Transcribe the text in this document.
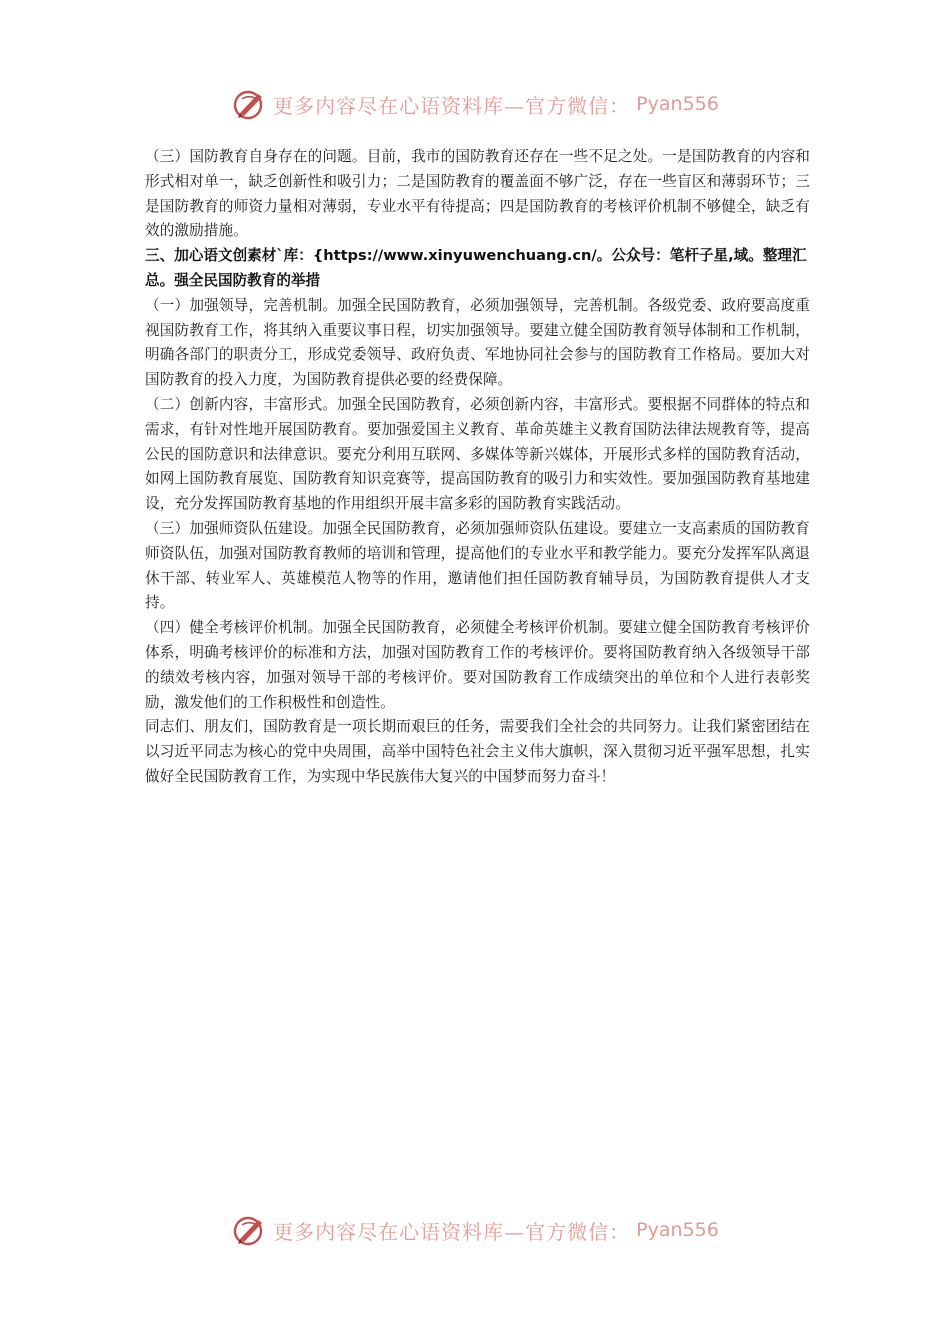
更多内容尽在心语资料库—官方微信： Pyan556

（三）国防教育自身存在的问题。目前，我市的国防教育还存在一些不足之处。一是国防教育的内容和形式相对单一，缺乏创新性和吸引力；二是国防教育的覆盖面不够广泛，存在一些盲区和薄弱环节；三是国防教育的师资力量相对薄弱，专业水平有待提高；四是国防教育的考核评价机制不够健全，缺乏有效的激励措施。

三、加心语文创素材`库：{https://www.xinyuwenchuang.cn/。公众号：笔杆子星,域。整理汇总。强全民国防教育的举措

（一）加强领导，完善机制。加强全民国防教育，必须加强领导，完善机制。各级党委、政府要高度重视国防教育工作，将其纳入重要议事日程，切实加强领导。要建立健全国防教育领导体制和工作机制，明确各部门的职责分工，形成党委领导、政府负责、军地协同社会参与的国防教育工作格局。要加大对国防教育的投入力度，为国防教育提供必要的经费保障。

（二）创新内容，丰富形式。加强全民国防教育，必须创新内容，丰富形式。要根据不同群体的特点和需求，有针对性地开展国防教育。要加强爱国主义教育、革命英雄主义教育国防法律法规教育等，提高公民的国防意识和法律意识。要充分利用互联网、多媒体等新兴媒体，开展形式多样的国防教育活动，如网上国防教育展览、国防教育知识竞赛等，提高国防教育的吸引力和实效性。要加强国防教育基地建设，充分发挥国防教育基地的作用组织开展丰富多彩的国防教育实践活动。

（三）加强师资队伍建设。加强全民国防教育，必须加强师资队伍建设。要建立一支高素质的国防教育师资队伍，加强对国防教育教师的培训和管理，提高他们的专业水平和教学能力。要充分发挥军队离退休干部、转业军人、英雄模范人物等的作用，邀请他们担任国防教育辅导员，为国防教育提供人才支持。

（四）健全考核评价机制。加强全民国防教育，必须健全考核评价机制。要建立健全国防教育考核评价体系，明确考核评价的标准和方法，加强对国防教育工作的考核评价。要将国防教育纳入各级领导干部的绩效考核内容，加强对领导干部的考核评价。要对国防教育工作成绩突出的单位和个人进行表彰奖励，激发他们的工作积极性和创造性。

同志们、朋友们，国防教育是一项长期而艰巨的任务，需要我们全社会的共同努力。让我们紧密团结在以习近平同志为核心的党中央周围，高举中国特色社会主义伟大旗帜，深入贯彻习近平强军思想，扎实做好全民国防教育工作，为实现中华民族伟大复兴的中国梦而努力奋斗！

更多内容尽在心语资料库—官方微信： Pyan556
